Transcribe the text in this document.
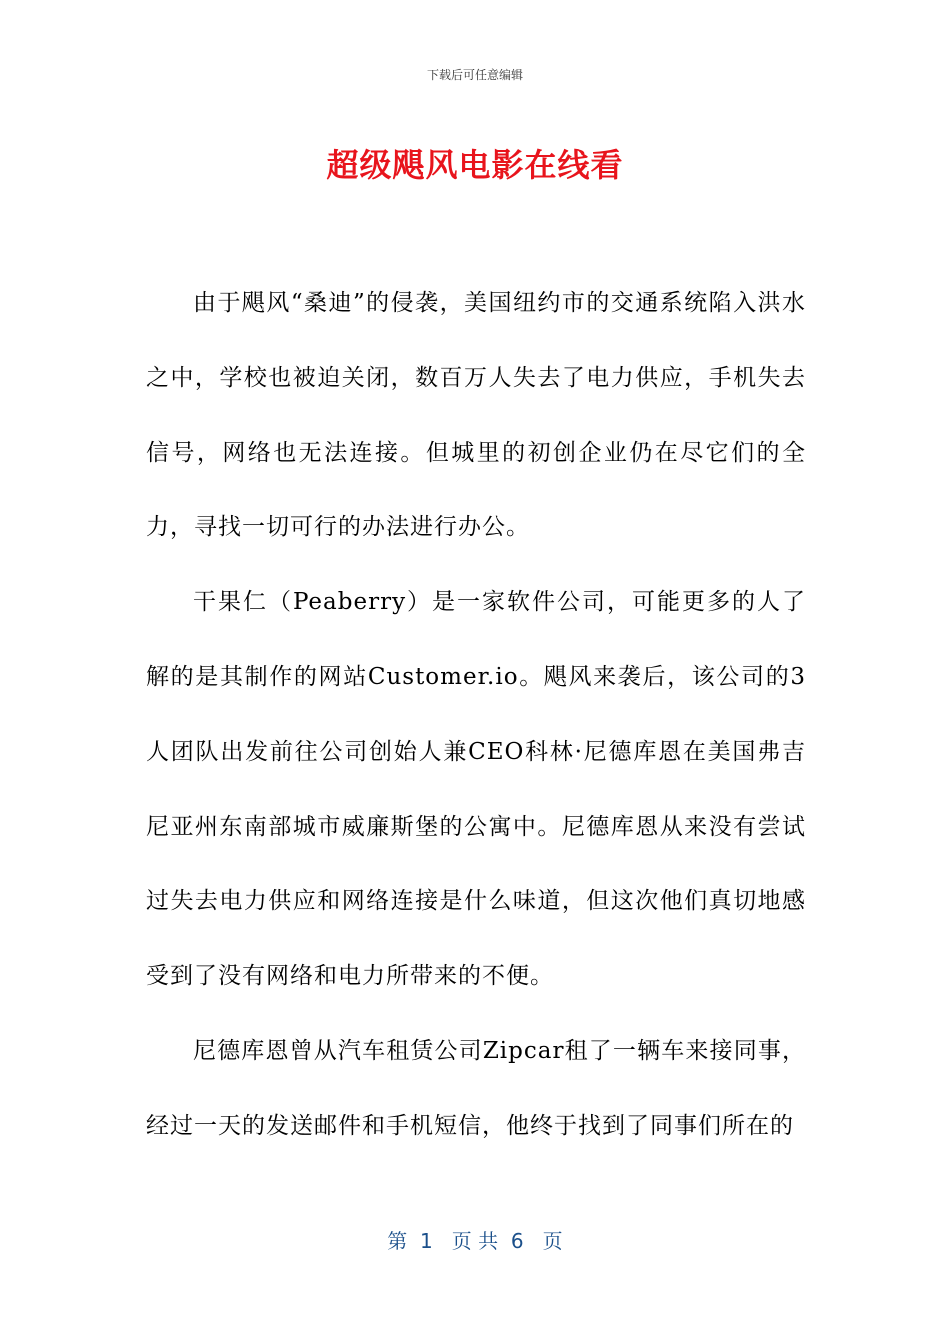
下载后可任意编辑
超级飓风电影在线看

由于飓风“桑迪”的侵袭，美国纽约市的交通系统陷入洪水之中，学校也被迫关闭，数百万人失去了电力供应，手机失去信号，网络也无法连接。但城里的初创企业仍在尽它们的全力，寻找一切可行的办法进行办公。

干果仁（Peaberry）是一家软件公司，可能更多的人了解的是其制作的网站Customer.io。飓风来袭后，该公司的3人团队出发前往公司创始人兼CEO科林·尼德库恩在美国弗吉尼亚州东南部城市威廉斯堡的公寓中。尼德库恩从来没有尝试过失去电力供应和网络连接是什么味道，但这次他们真切地感受到了没有网络和电力所带来的不便。

尼德库恩曾从汽车租赁公司Zipcar租了一辆车来接同事，经过一天的发送邮件和手机短信，他终于找到了同事们所在的

第  1   页 共  6   页
